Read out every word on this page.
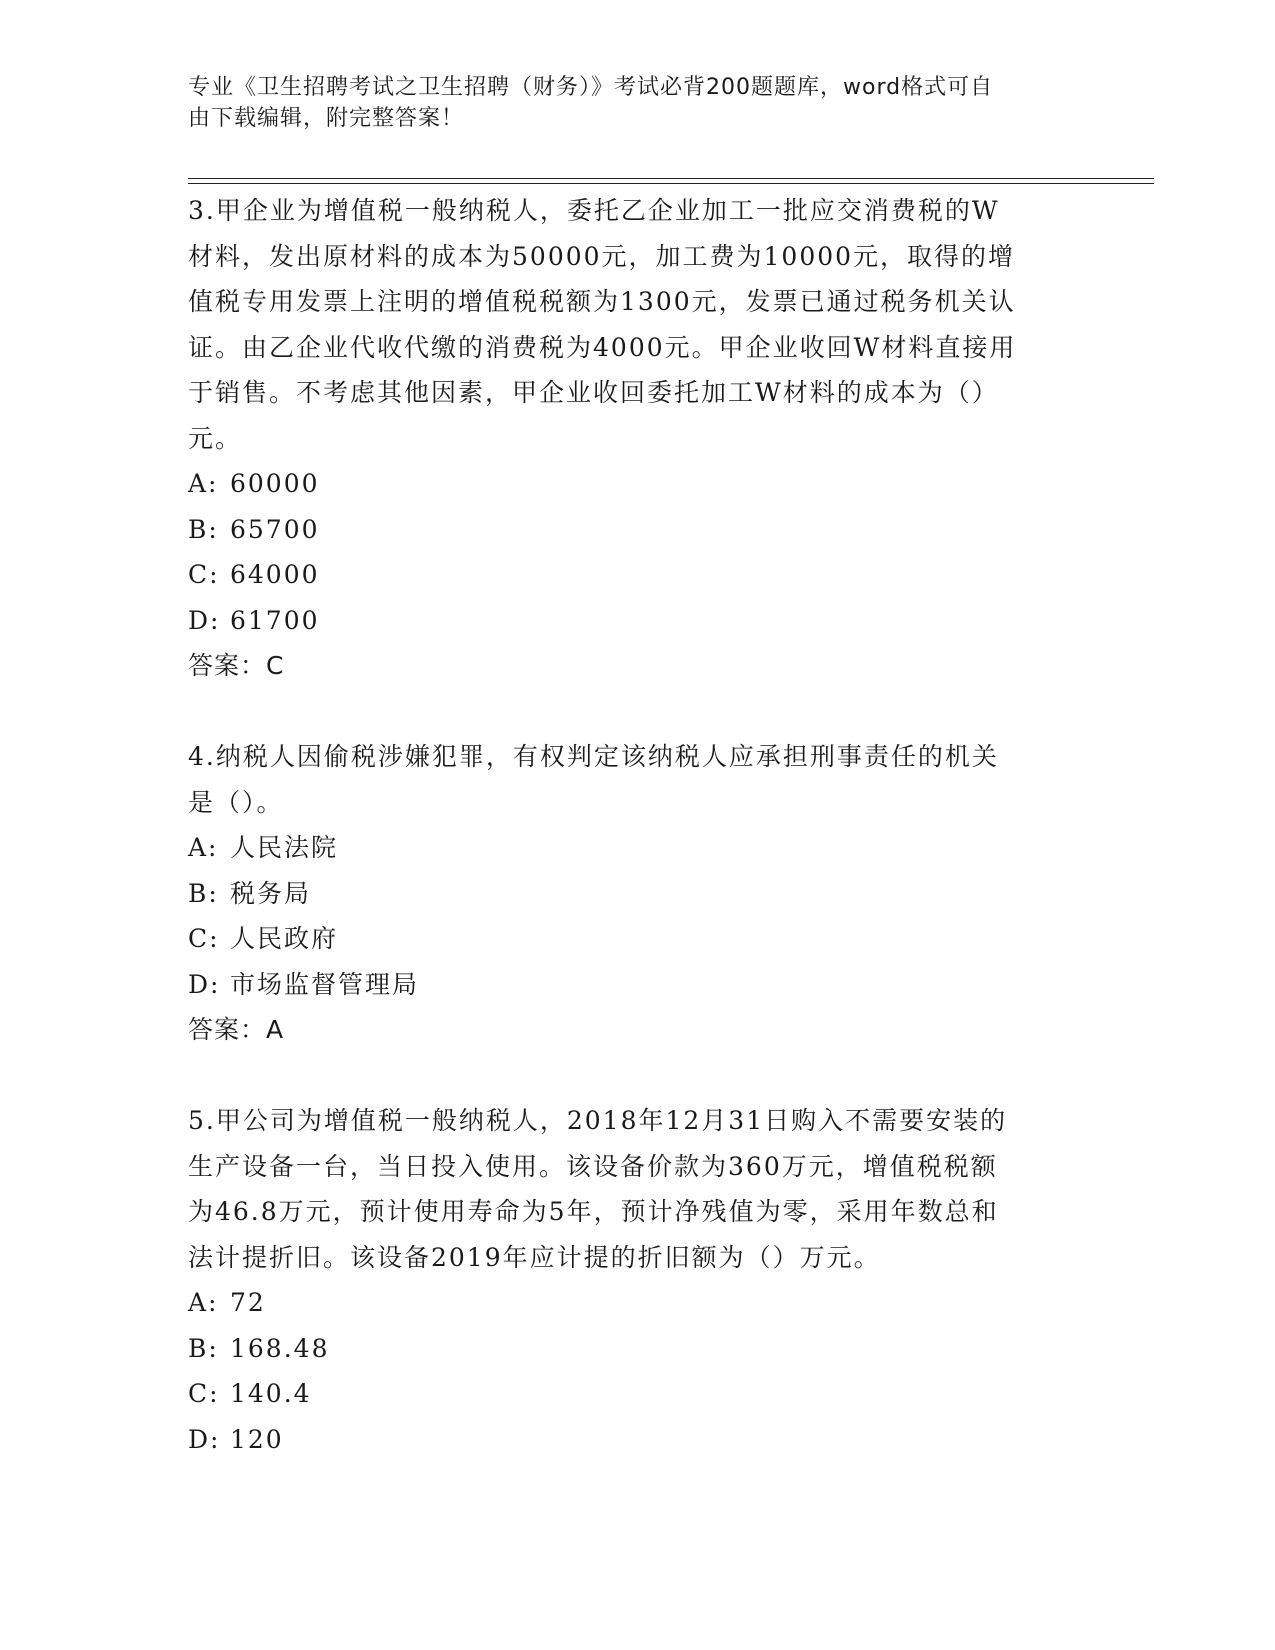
专业《卫生招聘考试之卫生招聘（财务）》考试必背200题题库，word格式可自
由下载编辑，附完整答案！
3.甲企业为增值税一般纳税人，委托乙企业加工一批应交消费税的W
材料，发出原材料的成本为50000元，加工费为10000元，取得的增
值税专用发票上注明的增值税税额为1300元，发票已通过税务机关认
证。由乙企业代收代缴的消费税为4000元。甲企业收回W材料直接用
于销售。不考虑其他因素，甲企业收回委托加工W材料的成本为（）
元。
A: 60000
B: 65700
C: 64000
D: 61700
答案：C
4.纳税人因偷税涉嫌犯罪，有权判定该纳税人应承担刑事责任的机关
是（）。
A: 人民法院
B: 税务局
C: 人民政府
D: 市场监督管理局
答案：A
5.甲公司为增值税一般纳税人，2018年12月31日购入不需要安装的
生产设备一台，当日投入使用。该设备价款为360万元，增值税税额
为46.8万元，预计使用寿命为5年，预计净残值为零，采用年数总和
法计提折旧。该设备2019年应计提的折旧额为（）万元。
A: 72
B: 168.48
C: 140.4
D: 120
